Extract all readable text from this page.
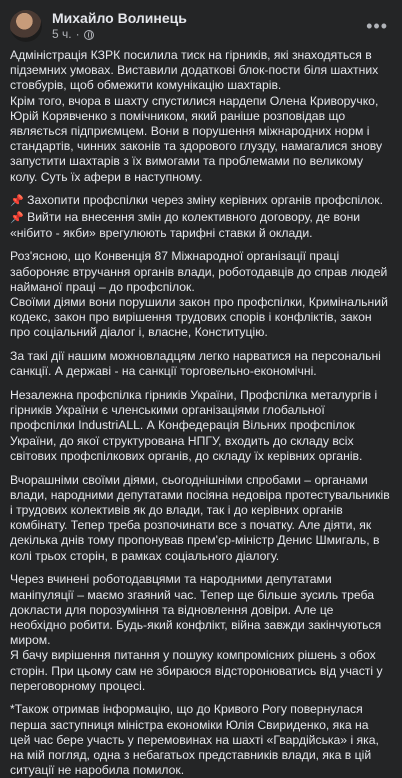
Михайло Волинець
5 ч. ·	•••

Адміністрація КЗРК посилила тиск на гірників, які знаходяться в підземних умовах. Виставили додаткові блок-пости біля шахтних стовбурів, щоб обмежити комунікацію шахтарів.

Крім того, вчора в шахту спустилися нардепи Олена Криворучко, Юрій Корявченко з помічником, який раніше розповідав що являється підприємцем. Вони в порушення міжнародних норм і стандартів, чинних законів та здорового глузду, намагалися знову запустити шахтарів з їх вимогами та проблемами по великому колу. Суть їх афери в наступному.

📌 Захопити профспілки через зміну керівних органів профспілок.

📌 Вийти на внесення змін до колективного договору, де вони «нібито - якби» врегулюють тарифні ставки й оклади.

Роз'ясною, що Конвенція 87 Міжнародної організації праці забороняє втручання органів влади, роботодавців до справ людей найманої праці – до профспілок.

Своїми діями вони порушили закон про профспілки, Кримінальний кодекс, закон про вирішення трудових спорів і конфліктів, закон про соціальний діалог і, власне, Конституцію.

За такі дії нашим можновладцям легко нарватися на персональні санкції. А державі - на санкції торговельно-економічні.

Незалежна профспілка гірників України, Профспілка металургів і гірників України є членськими організаціями глобальної профспілки IndustriALL. А Конфедерація Вільних профспілок України, до якої структурована НПГУ, входить до складу всіх світових профспілкових органів, до складу їх керівних органів.

Вчорашніми своїми діями, сьогоднішніми спробами – органами влади, народними депутатами посіяна недовіра протестувальників і трудових колективів як до влади, так і до керівних органів комбінату. Тепер треба розпочинати все з початку. Але діяти, як декілька днів тому пропонував прем'єр-міністр Денис Шмигаль, в колі трьох сторін, в рамках соціального діалогу.

Через вчинені роботодавцями та народними депутатами маніпуляції – маємо згаяний час. Тепер ще більше зусиль треба докласти для порозуміння та відновлення довіри. Але це необхідно робити. Будь-який конфлікт, війна завжди закінчуються миром.

Я бачу вирішення питання у пошуку компромісних рішень з обох сторін. При цьому сам не збираюся відсторонюватись від участі у переговорному процесі.

*Також отримав інформацію, що до Кривого Рогу повернулася перша заступниця міністра економіки Юлія Свириденко, яка на цей час бере участь у перемовинах на шахті «Гвардійська» і яка, на мій погляд, одна з небагатьох представників влади, яка в цій ситуації не наробила помилок.
